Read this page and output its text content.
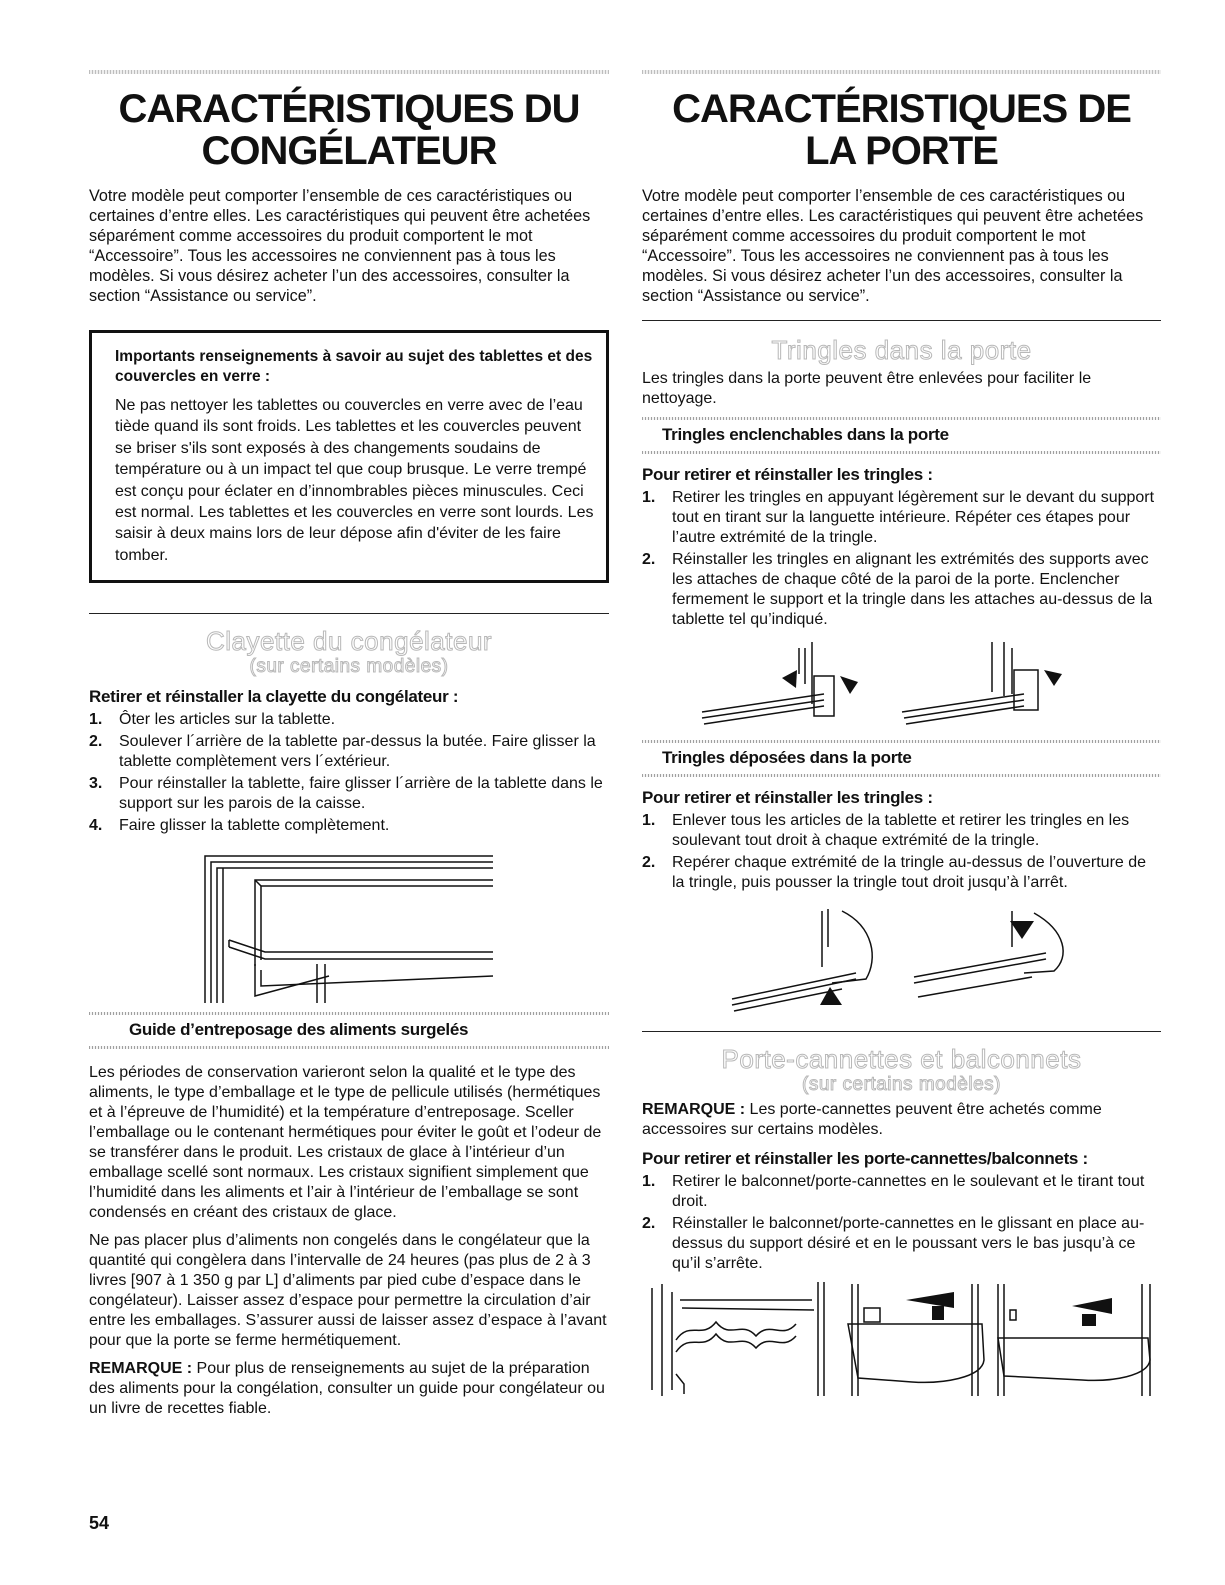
CARACTÉRISTIQUES DU
CONGÉLATEUR

Votre modèle peut comporter l’ensemble de ces caractéristiques ou certaines d’entre elles. Les caractéristiques qui peuvent être achetées séparément comme accessoires du produit comportent le mot “Accessoire”. Tous les accessoires ne conviennent pas à tous les modèles. Si vous désirez acheter l’un des accessoires, consulter la section “Assistance ou service”.

Importants renseignements à savoir au sujet des tablettes et des couvercles en verre :

Ne pas nettoyer les tablettes ou couvercles en verre avec de l’eau tiède quand ils sont froids. Les tablettes et les couvercles peuvent se briser s'ils sont exposés à des changements soudains de température ou à un impact tel que coup brusque. Le verre trempé est conçu pour éclater en d’innombrables pièces minuscules. Ceci est normal. Les tablettes et les couvercles en verre sont lourds. Les saisir à deux mains lors de leur dépose afin d'éviter de les faire tomber.

Clayette du congélateur
(sur certains modèles)
Retirer et réinstaller la clayette du congélateur :
1. Ôter les articles sur la tablette.
2. Soulever l´arrière de la tablette par-dessus la butée. Faire glisser la tablette complètement vers l´extérieur.
3. Pour réinstaller la tablette, faire glisser l´arrière de la tablette dans le support sur les parois de la caisse.
4. Faire glisser la tablette complètement.
Guide d’entreposage des aliments surgelés

Les périodes de conservation varieront selon la qualité et le type des aliments, le type d’emballage et le type de pellicule utilisés (hermétiques et à l’épreuve de l’humidité) et la température d’entreposage. Sceller l’emballage ou le contenant hermétiques pour éviter le goût et l’odeur de se transférer dans le produit. Les cristaux de glace à l’intérieur d’un emballage scellé sont normaux. Les cristaux signifient simplement que l’humidité dans les aliments et l’air à l’intérieur de l’emballage se sont condensés en créant des cristaux de glace.

Ne pas placer plus d’aliments non congelés dans le congélateur que la quantité qui congèlera dans l’intervalle de 24 heures (pas plus de 2 à 3 livres [907 à 1 350 g par L] d’aliments par pied cube d’espace dans le congélateur). Laisser assez d’espace pour permettre la circulation d’air entre les emballages. S’assurer aussi de laisser assez d’espace à l’avant pour que la porte se ferme hermétiquement.

REMARQUE : Pour plus de renseignements au sujet de la préparation des aliments pour la congélation, consulter un guide pour congélateur ou un livre de recettes fiable.

CARACTÉRISTIQUES DE
LA PORTE

Votre modèle peut comporter l’ensemble de ces caractéristiques ou certaines d’entre elles. Les caractéristiques qui peuvent être achetées séparément comme accessoires du produit comportent le mot “Accessoire”. Tous les accessoires ne conviennent pas à tous les modèles. Si vous désirez acheter l’un des accessoires, consulter la section “Assistance ou service”.

Tringles dans la porte

Les tringles dans la porte peuvent être enlevées pour faciliter le nettoyage.

Tringles enclenchables dans la porte
Pour retirer et réinstaller les tringles :
1. Retirer les tringles en appuyant légèrement sur le devant du support tout en tirant sur la languette intérieure. Répéter ces étapes pour l’autre extrémité de la tringle.
2. Réinstaller les tringles en alignant les extrémités des supports avec les attaches de chaque côté de la paroi de la porte. Enclencher fermement le support et la tringle dans les attaches au-dessus de la tablette tel qu’indiqué.
Tringles déposées dans la porte
Pour retirer et réinstaller les tringles :
1. Enlever tous les articles de la tablette et retirer les tringles en les soulevant tout droit à chaque extrémité de la tringle.
2. Repérer chaque extrémité de la tringle au-dessus de l’ouverture de la tringle, puis pousser la tringle tout droit jusqu’à l’arrêt.
Porte-cannettes et balconnets
(sur certains modèles)

REMARQUE : Les porte-cannettes peuvent être achetés comme accessoires sur certains modèles.

Pour retirer et réinstaller les porte-cannettes/balconnets :
1. Retirer le balconnet/porte-cannettes en le soulevant et le tirant tout droit.
2. Réinstaller le balconnet/porte-cannettes en le glissant en place au-dessus du support désiré et en le poussant vers le bas jusqu’à ce qu’il s’arrête.
54
